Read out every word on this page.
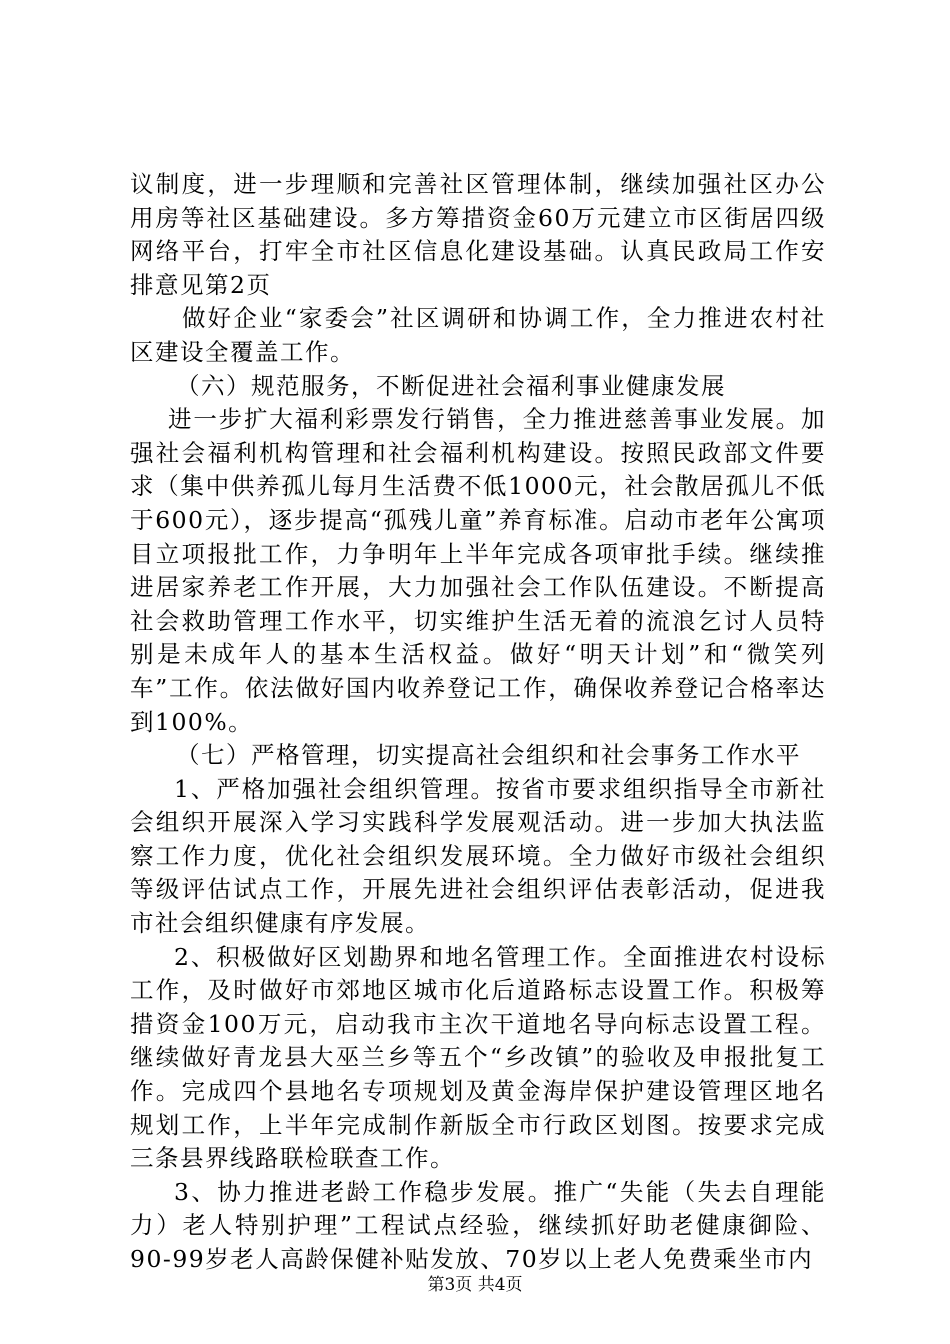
议制度，进一步理顺和完善社区管理体制，继续加强社区办公用房等社区基础建设。多方筹措资金60万元建立市区街居四级网络平台，打牢全市社区信息化建设基础。认真民政局工作安排意见第2页

做好企业“家委会”社区调研和协调工作，全力推进农村社区建设全覆盖工作。

（六）规范服务，不断促进社会福利事业健康发展

进一步扩大福利彩票发行销售，全力推进慈善事业发展。加强社会福利机构管理和社会福利机构建设。按照民政部文件要求（集中供养孤儿每月生活费不低1000元，社会散居孤儿不低于600元），逐步提高“孤残儿童”养育标准。启动市老年公寓项目立项报批工作，力争明年上半年完成各项审批手续。继续推进居家养老工作开展，大力加强社会工作队伍建设。不断提高社会救助管理工作水平，切实维护生活无着的流浪乞讨人员特别是未成年人的基本生活权益。做好“明天计划”和“微笑列车”工作。依法做好国内收养登记工作，确保收养登记合格率达到100%。

（七）严格管理，切实提高社会组织和社会事务工作水平

1、严格加强社会组织管理。按省市要求组织指导全市新社会组织开展深入学习实践科学发展观活动。进一步加大执法监察工作力度，优化社会组织发展环境。全力做好市级社会组织等级评估试点工作，开展先进社会组织评估表彰活动，促进我市社会组织健康有序发展。

2、积极做好区划勘界和地名管理工作。全面推进农村设标工作，及时做好市郊地区城市化后道路标志设置工作。积极筹措资金100万元，启动我市主次干道地名导向标志设置工程。继续做好青龙县大巫兰乡等五个“乡改镇”的验收及申报批复工作。完成四个县地名专项规划及黄金海岸保护建设管理区地名规划工作，上半年完成制作新版全市行政区划图。按要求完成三条县界线路联检联查工作。

3、协力推进老龄工作稳步发展。推广“失能（失去自理能力）老人特别护理”工程试点经验，继续抓好助老健康御险、90-99岁老人高龄保健补贴发放、70岁以上老人免费乘坐市内

第3页 共4页
